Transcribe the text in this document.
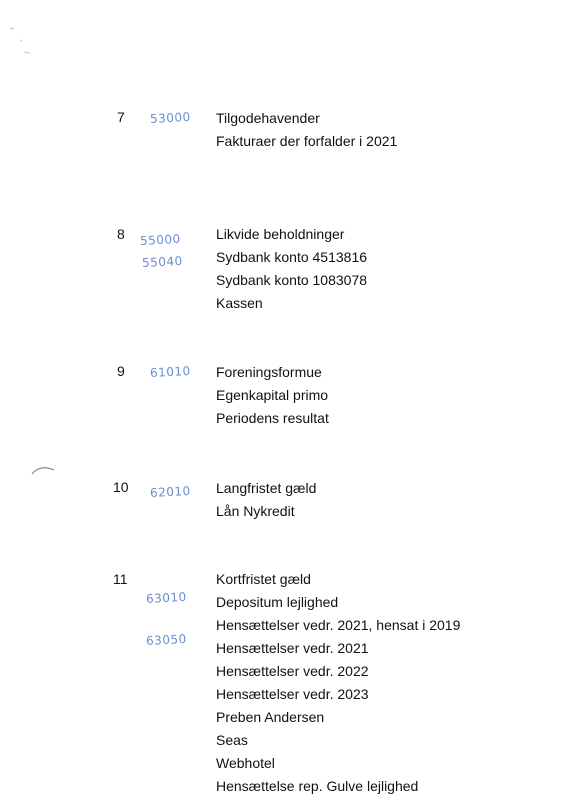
7 53000 Tilgodehavender
Fakturaer der forfalder i 2021
8 55000
55040
Likvide beholdninger
Sydbank konto 4513816
Sydbank konto 1083078
Kassen
9 61010 Foreningsformue
Egenkapital primo
Periodens resultat
10 62010 Langfristet gæld
Lån Nykredit
11
63010
63050
Kortfristet gæld
Depositum lejlighed
Hensættelser vedr. 2021, hensat i 2019
Hensættelser vedr. 2021
Hensættelser vedr. 2022
Hensættelser vedr. 2023
Preben Andersen
Seas
Webhotel
Hensættelse rep. Gulve lejlighed
